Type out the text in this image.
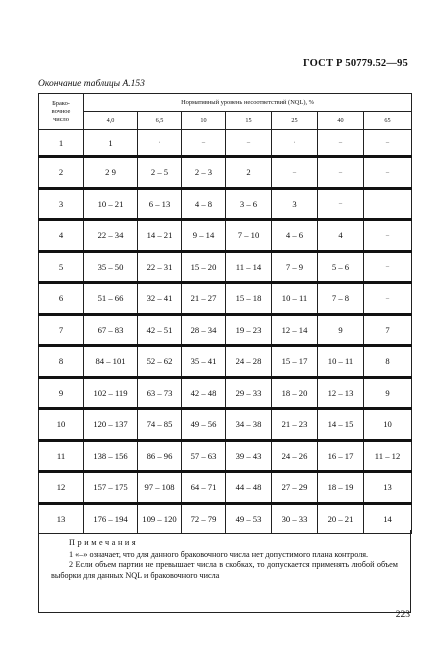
ГОСТ Р 50779.52—95
Окончание таблицы А.153
Брако-
вочное
число	Нормативный уровень несоответствий (NQL), %						
	4,0	6,5	10	15	25	40	65
1	1	·	–	–	·	–	–
2	2 9	2 – 5	2 – 3	2	–	–	–
3	10 – 21	6 – 13	4 – 8	3 – 6	3	–	
4	22 – 34	14 – 21	9 – 14	7 – 10	4 – 6	4	–
5	35 – 50	22 – 31	15 – 20	11 – 14	7 – 9	5 – 6	–
6	51 – 66	32 – 41	21 – 27	15 – 18	10 – 11	7 – 8	–
7	67 – 83	42 – 51	28 – 34	19 – 23	12 – 14	9	7
8	84 – 101	52 – 62	35 – 41	24 – 28	15 – 17	10 – 11	8
9	102 – 119	63 – 73	42 – 48	29 – 33	18 – 20	12 – 13	9
10	120 – 137	74 – 85	49 – 56	34 – 38	21 – 23	14 – 15	10
11	138 – 156	86 – 96	57 – 63	39 – 43	24 – 26	16 – 17	11 – 12
12	157 – 175	97 – 108	64 – 71	44 – 48	27 – 29	18 – 19	13
13	176 – 194	109 – 120	72 – 79	49 – 53	30 – 33	20 – 21	14
Примечания

1 «–» означает, что для данного браковочного числа нет допустимого плана контроля.

2 Если объем партии не превышает числа в скобках, то допускается применять любой объем выборки для данных NQL и браковочного числа

223
